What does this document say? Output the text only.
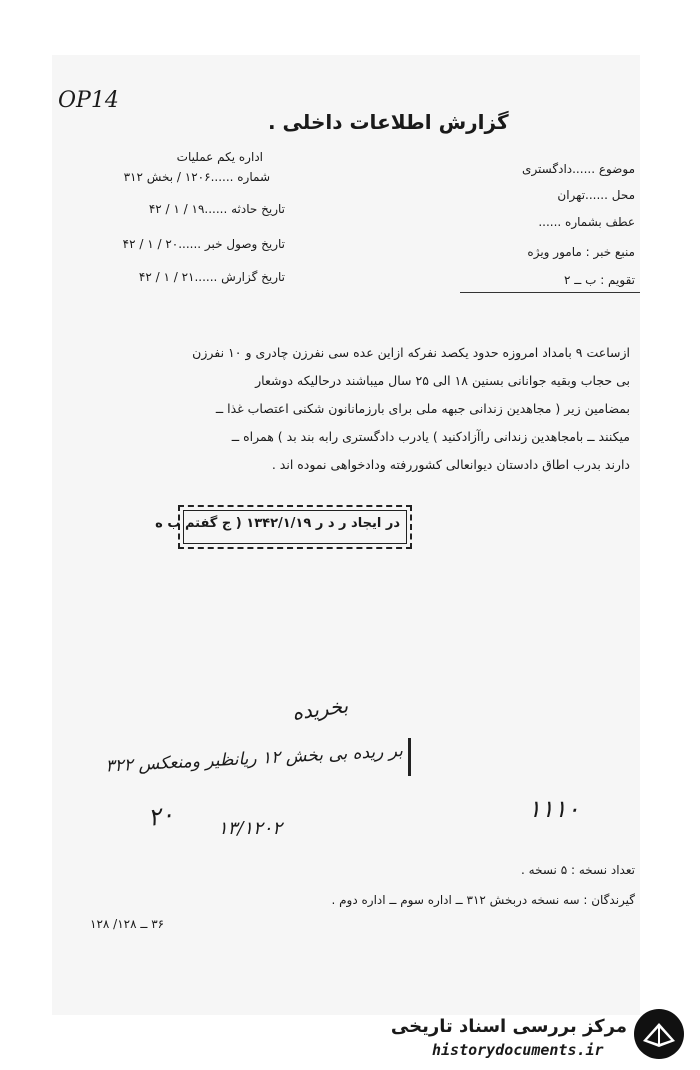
OP14
گزارش اطلاعات داخلی .
اداره یکم عملیات
شماره ......۱۲۰۶ / بخش ۳۱۲
تاریخ حادثه ......۱۹ / ۱ / ۴۲
تاریخ وصول خبر ......۲۰ / ۱ / ۴۲
تاریخ گزارش ......۲۱ / ۱ / ۴۲
موضوع ......دادگستری
محل ......تهران
عطف بشماره ......
منبع خبر : مامور ویژه
تقویم : ب ــ ۲
ازساعت ۹ بامداد امروزه حدود یکصد نفرکه ازاین عده سی نفرزن چادری و ۱۰ نفرزن
بی حجاب وبقیه جوانانی بسنین ۱۸ الی ۲۵ سال میباشند درحالیکه دوشعار
بمضامین زیر ( مجاهدین زندانی جبهه ملی برای بارزمانانون شکنی اعتصاب غذا ــ
میکنند ــ بامجاهدین زندانی راآزادکنید ) یادرب دادگستری رابه بند بد ) همراه ــ
دارند بدرب اطاق دادستان دیوانعالی کشوررفته ودادخواهی نموده اند .
در ایجاد ر د ر ۱۳۴۲/۱/۱۹ ( ج گفتم ب ه
بخریده
بر ریده بی بخش ۱۲ ریانظیر ومنعکس ۳۲۲
۲۰ ۱۳/۱۲۰۲
۱۱۱۰
تعداد نسخه : ۵ نسخه .
گیرندگان : سه نسخه دربخش ۳۱۲ ــ اداره سوم ــ اداره دوم .
۳۶ ــ ۱۲۸/ ۱۲۸
مرکز بررسی اسناد تاریخی
historydocuments.ir
